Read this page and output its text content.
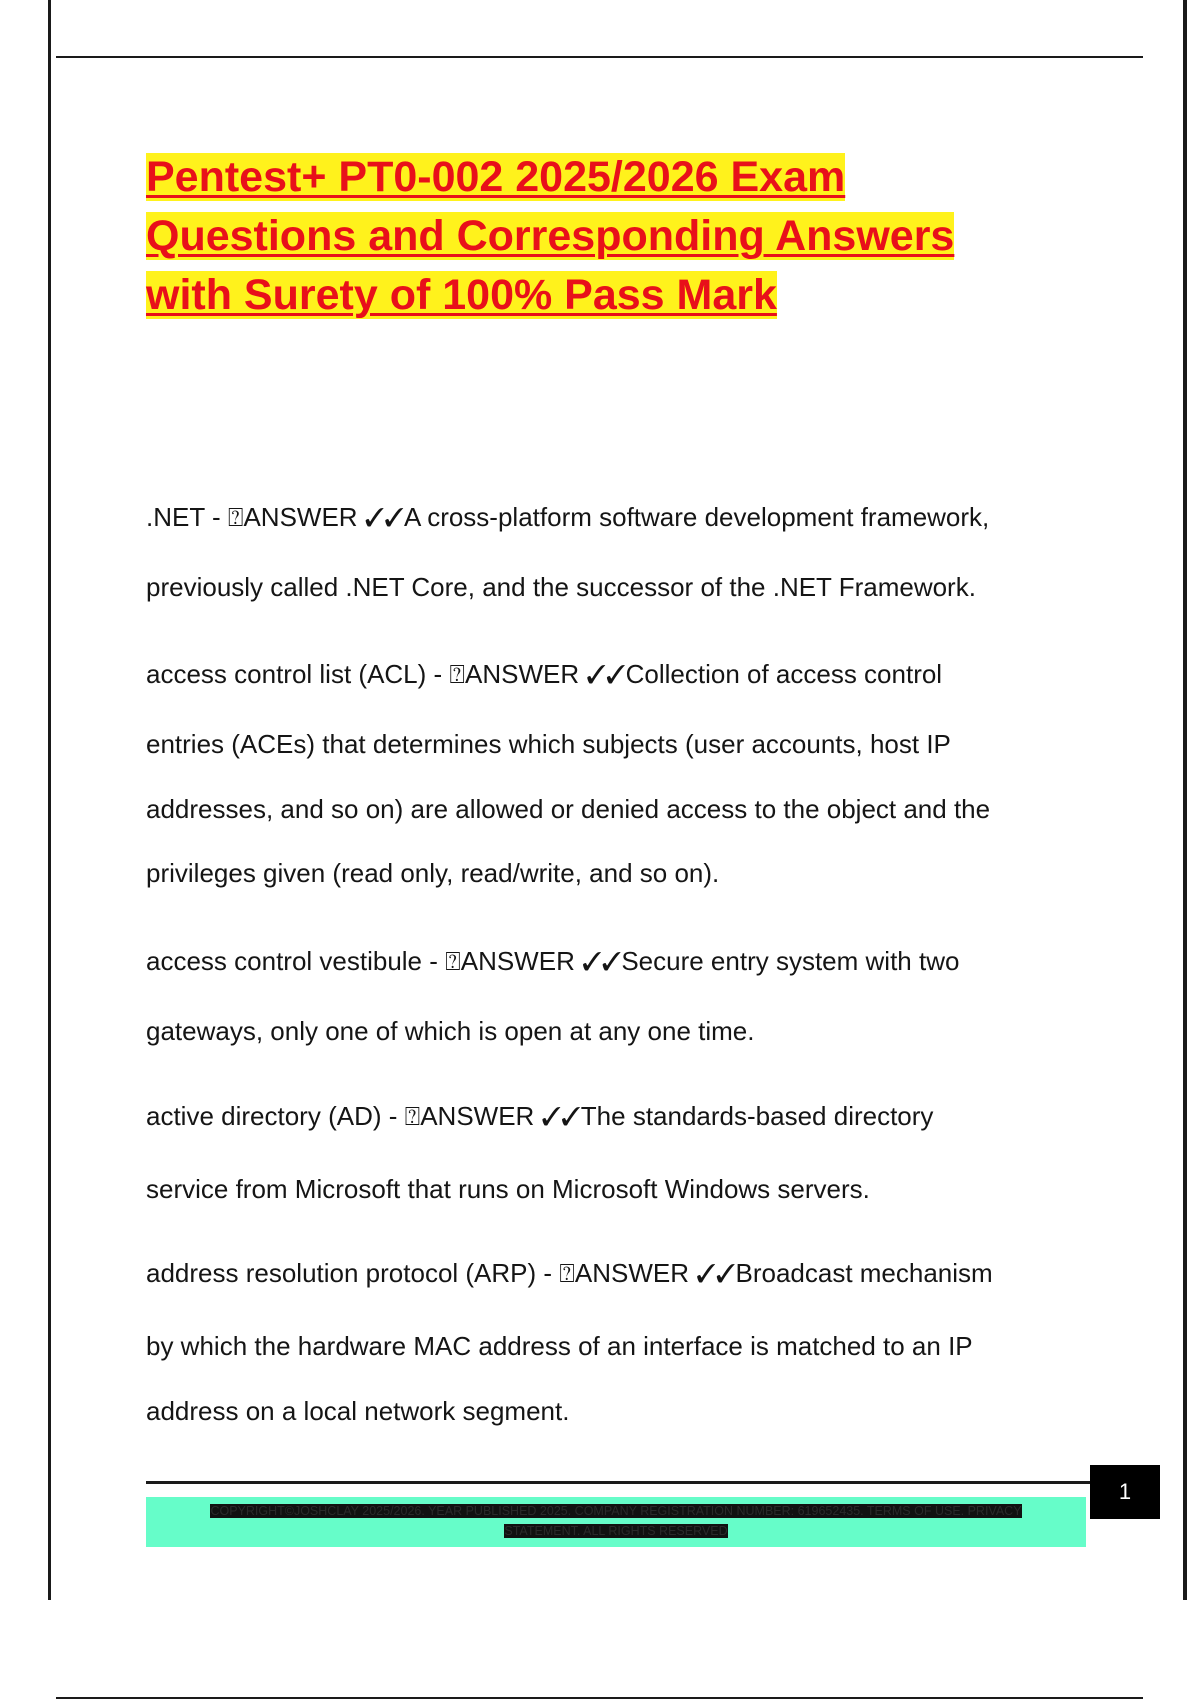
Pentest+ PT0-002 2025/2026 Exam
Questions and Corresponding Answers
with Surety of 100% Pass Mark
.NET - ⍰ANSWER ✓✓A cross-platform software development framework,
previously called .NET Core, and the successor of the .NET Framework.
access control list (ACL) - ⍰ANSWER ✓✓Collection of access control
entries (ACEs) that determines which subjects (user accounts, host IP
addresses, and so on) are allowed or denied access to the object and the
privileges given (read only, read/write, and so on).
access control vestibule - ⍰ANSWER ✓✓Secure entry system with two
gateways, only one of which is open at any one time.
active directory (AD) - ⍰ANSWER ✓✓The standards-based directory
service from Microsoft that runs on Microsoft Windows servers.
address resolution protocol (ARP) - ⍰ANSWER ✓✓Broadcast mechanism
by which the hardware MAC address of an interface is matched to an IP
address on a local network segment.
1
COPYRIGHT©JOSHCLAY 2025/2026. YEAR PUBLISHED 2025. COMPANY REGISTRATION NUMBER: 619652435. TERMS OF USE. PRIVACY
STATEMENT. ALL RIGHTS RESERVED
